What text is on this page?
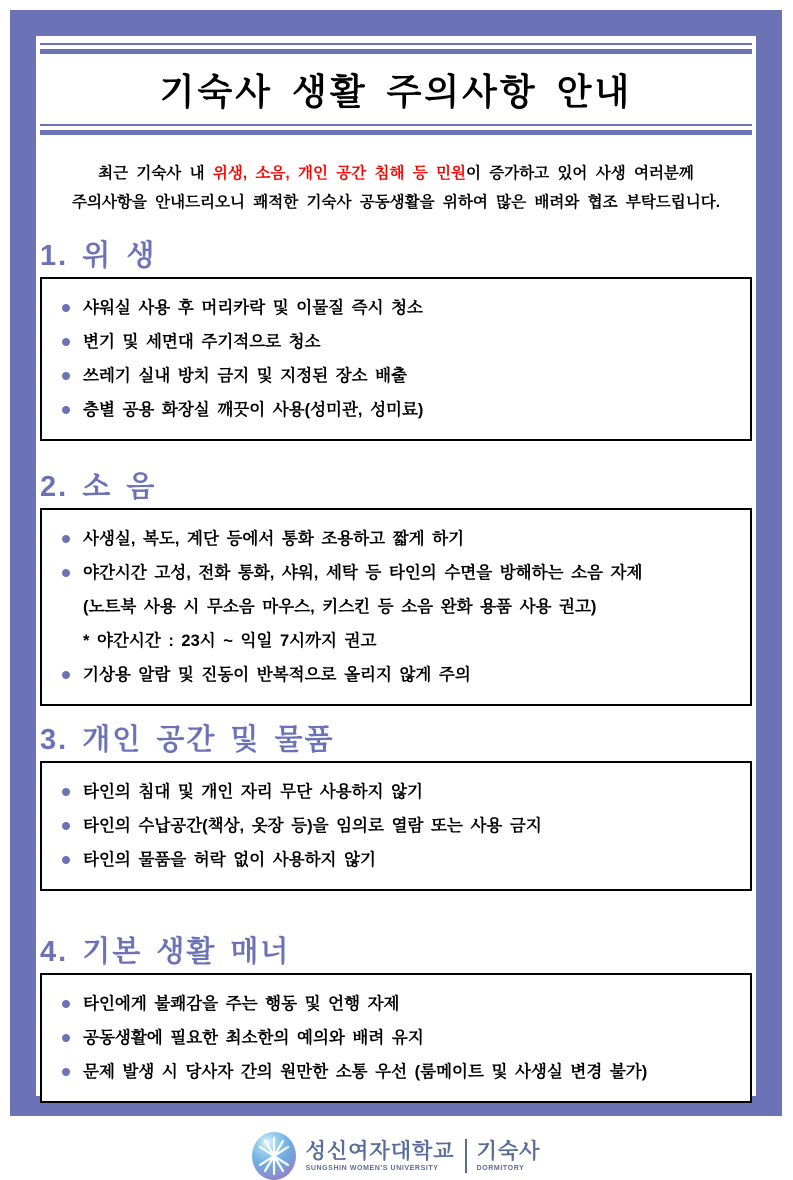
기숙사 생활 주의사항 안내
최근 기숙사 내 위생, 소음, 개인 공간 침해 등 민원이 증가하고 있어 사생 여러분께
주의사항을 안내드리오니 쾌적한 기숙사 공동생활을 위하여 많은 배려와 협조 부탁드립니다.
1. 위 생
샤워실 사용 후 머리카락 및 이물질 즉시 청소
변기 및 세면대 주기적으로 청소
쓰레기 실내 방치 금지 및 지정된 장소 배출
층별 공용 화장실 깨끗이 사용(성미관, 성미료)
2. 소 음
사생실, 복도, 계단 등에서 통화 조용하고 짧게 하기
야간시간 고성, 전화 통화, 샤워, 세탁 등 타인의 수면을 방해하는 소음 자제
(노트북 사용 시 무소음 마우스, 키스킨 등 소음 완화 용품 사용 권고)
* 야간시간 : 23시 ~ 익일 7시까지 권고
기상용 알람 및 진동이 반복적으로 올리지 않게 주의
3. 개인 공간 및 물품
타인의 침대 및 개인 자리 무단 사용하지 않기
타인의 수납공간(책상, 옷장 등)을 임의로 열람 또는 사용 금지
타인의 물품을 허락 없이 사용하지 않기
4. 기본 생활 매너
타인에게 불쾌감을 주는 행동 및 언행 자제
공동생활에 필요한 최소한의 예의와 배려 유지
문제 발생 시 당사자 간의 원만한 소통 우선 (룸메이트 및 사생실 변경 불가)
성신여자대학교
SUNGSHIN WOMEN'S UNIVERSITY
기숙사
DORMITORY
